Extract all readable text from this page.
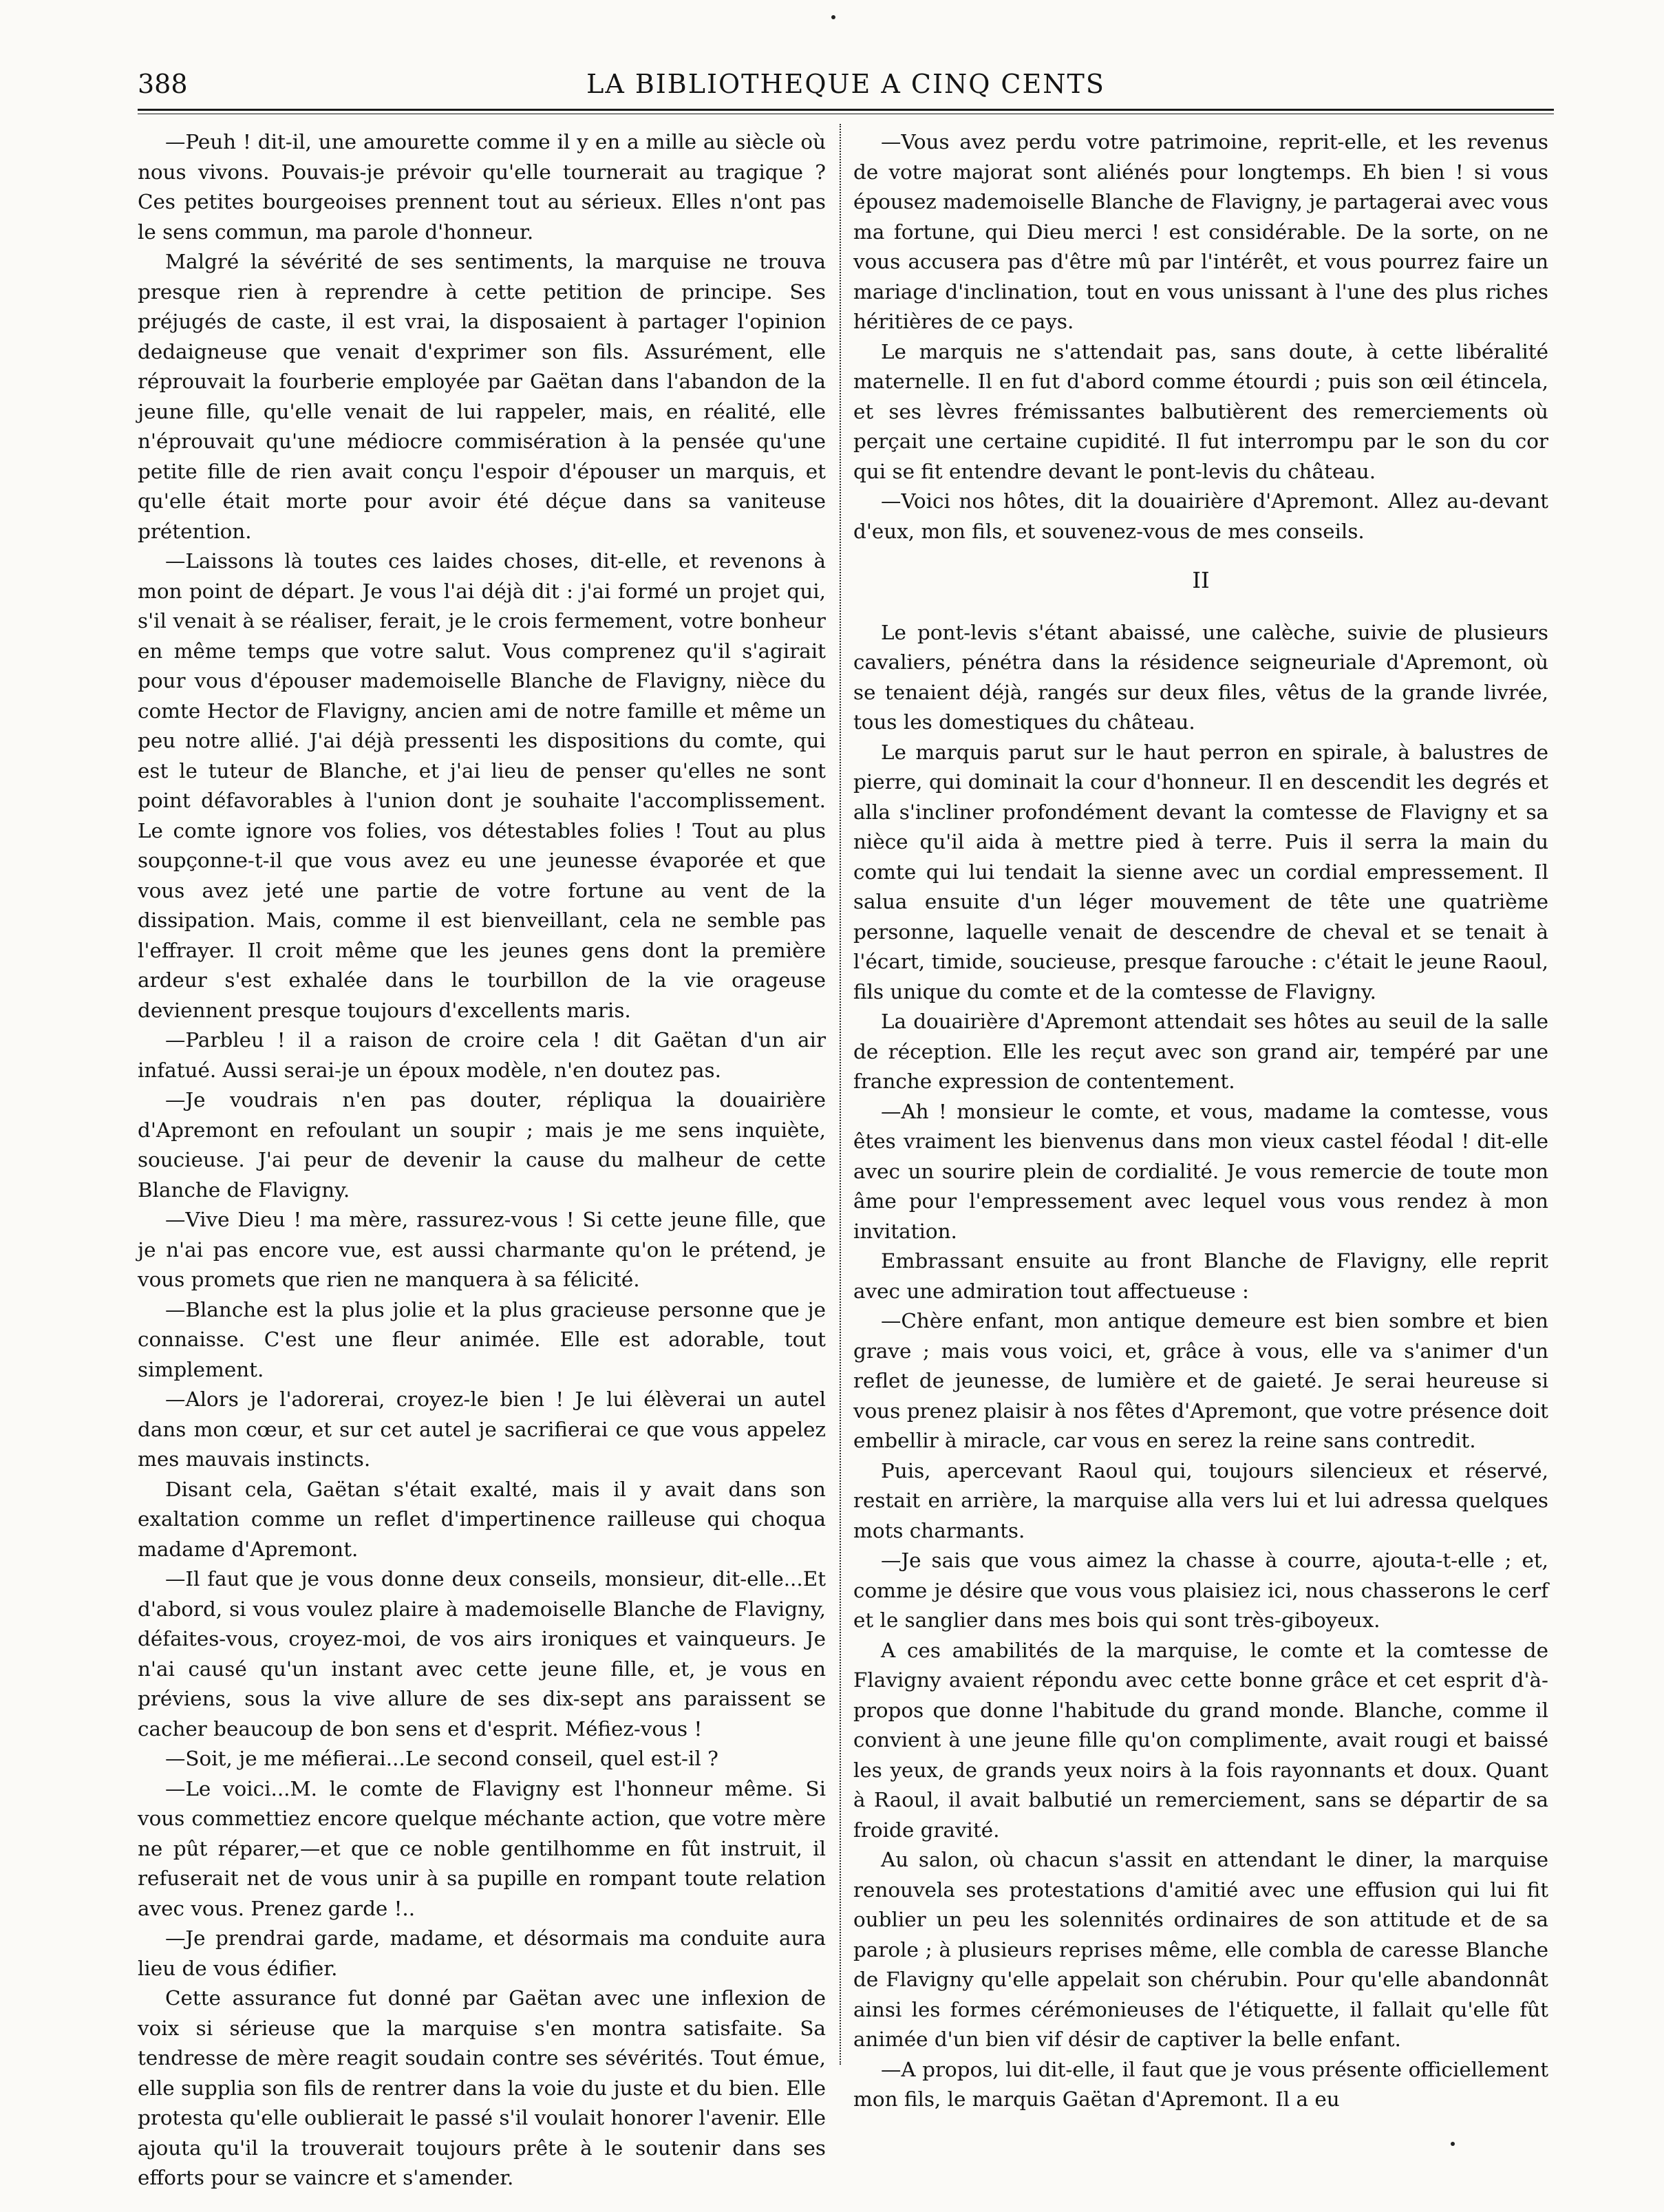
388	LA BIBLIOTHEQUE A CINQ CENTS

—Peuh ! dit-il, une amourette comme il y en a mille au siècle où nous vivons. Pouvais-je prévoir qu'elle tournerait au tragique ? Ces petites bourgeoises prennent tout au sérieux. Elles n'ont pas le sens commun, ma parole d'honneur.

Malgré la sévérité de ses sentiments, la marquise ne trouva presque rien à reprendre à cette petition de principe. Ses préjugés de caste, il est vrai, la disposaient à partager l'opinion dedaigneuse que venait d'exprimer son fils. Assurément, elle réprouvait la fourberie employée par Gaëtan dans l'abandon de la jeune fille, qu'elle venait de lui rappeler, mais, en réalité, elle n'éprouvait qu'une médiocre commisération à la pensée qu'une petite fille de rien avait conçu l'espoir d'épouser un marquis, et qu'elle était morte pour avoir été déçue dans sa vaniteuse prétention.

—Laissons là toutes ces laides choses, dit-elle, et revenons à mon point de départ. Je vous l'ai déjà dit : j'ai formé un projet qui, s'il venait à se réaliser, ferait, je le crois fermement, votre bonheur en même temps que votre salut. Vous comprenez qu'il s'agirait pour vous d'épouser mademoiselle Blanche de Flavigny, nièce du comte Hector de Flavigny, ancien ami de notre famille et même un peu notre allié. J'ai déjà pressenti les dispositions du comte, qui est le tuteur de Blanche, et j'ai lieu de penser qu'elles ne sont point défavorables à l'union dont je souhaite l'accomplissement. Le comte ignore vos folies, vos détestables folies ! Tout au plus soupçonne-t-il que vous avez eu une jeunesse évaporée et que vous avez jeté une partie de votre fortune au vent de la dissipation. Mais, comme il est bienveillant, cela ne semble pas l'effrayer. Il croit même que les jeunes gens dont la première ardeur s'est exhalée dans le tourbillon de la vie orageuse deviennent presque toujours d'excellents maris.

—Parbleu ! il a raison de croire cela ! dit Gaëtan d'un air infatué. Aussi serai-je un époux modèle, n'en doutez pas.

—Je voudrais n'en pas douter, répliqua la douairière d'Apremont en refoulant un soupir ; mais je me sens inquiète, soucieuse. J'ai peur de devenir la cause du malheur de cette Blanche de Flavigny.

—Vive Dieu ! ma mère, rassurez-vous ! Si cette jeune fille, que je n'ai pas encore vue, est aussi charmante qu'on le prétend, je vous promets que rien ne manquera à sa félicité.

—Blanche est la plus jolie et la plus gracieuse personne que je connaisse. C'est une fleur animée. Elle est adorable, tout simplement.

—Alors je l'adorerai, croyez-le bien ! Je lui élèverai un autel dans mon cœur, et sur cet autel je sacrifierai ce que vous appelez mes mauvais instincts.

Disant cela, Gaëtan s'était exalté, mais il y avait dans son exaltation comme un reflet d'impertinence railleuse qui choqua madame d'Apremont.

—Il faut que je vous donne deux conseils, monsieur, dit-elle...Et d'abord, si vous voulez plaire à mademoiselle Blanche de Flavigny, défaites-vous, croyez-moi, de vos airs ironiques et vainqueurs. Je n'ai causé qu'un instant avec cette jeune fille, et, je vous en préviens, sous la vive allure de ses dix-sept ans paraissent se cacher beaucoup de bon sens et d'esprit. Méfiez-vous !

—Soit, je me méfierai...Le second conseil, quel est-il ?

—Le voici...M. le comte de Flavigny est l'honneur même. Si vous commettiez encore quelque méchante action, que votre mère ne pût réparer,—et que ce noble gentilhomme en fût instruit, il refuserait net de vous unir à sa pupille en rompant toute relation avec vous. Prenez garde !..

—Je prendrai garde, madame, et désormais ma conduite aura lieu de vous édifier.

Cette assurance fut donné par Gaëtan avec une inflexion de voix si sérieuse que la marquise s'en montra satisfaite. Sa tendresse de mère reagit soudain contre ses sévérités. Tout émue, elle supplia son fils de rentrer dans la voie du juste et du bien. Elle protesta qu'elle oublierait le passé s'il voulait honorer l'avenir. Elle ajouta qu'il la trouverait toujours prête à le soutenir dans ses efforts pour se vaincre et s'amender.

—Vous avez perdu votre patrimoine, reprit-elle, et les revenus de votre majorat sont aliénés pour longtemps. Eh bien ! si vous épousez mademoiselle Blanche de Flavigny, je partagerai avec vous ma fortune, qui Dieu merci ! est considérable. De la sorte, on ne vous accusera pas d'être mû par l'intérêt, et vous pourrez faire un mariage d'inclination, tout en vous unissant à l'une des plus riches héritières de ce pays.

Le marquis ne s'attendait pas, sans doute, à cette libéralité maternelle. Il en fut d'abord comme étourdi ; puis son œil étincela, et ses lèvres frémissantes balbutièrent des remerciements où perçait une certaine cupidité. Il fut interrompu par le son du cor qui se fit entendre devant le pont-levis du château.

—Voici nos hôtes, dit la douairière d'Apremont. Allez au-devant d'eux, mon fils, et souvenez-vous de mes conseils.

II

Le pont-levis s'étant abaissé, une calèche, suivie de plusieurs cavaliers, pénétra dans la résidence seigneuriale d'Apremont, où se tenaient déjà, rangés sur deux files, vêtus de la grande livrée, tous les domestiques du château.

Le marquis parut sur le haut perron en spirale, à balustres de pierre, qui dominait la cour d'honneur. Il en descendit les degrés et alla s'incliner profondément devant la comtesse de Flavigny et sa nièce qu'il aida à mettre pied à terre. Puis il serra la main du comte qui lui tendait la sienne avec un cordial empressement. Il salua ensuite d'un léger mouvement de tête une quatrième personne, laquelle venait de descendre de cheval et se tenait à l'écart, timide, soucieuse, presque farouche : c'était le jeune Raoul, fils unique du comte et de la comtesse de Flavigny.

La douairière d'Apremont attendait ses hôtes au seuil de la salle de réception. Elle les reçut avec son grand air, tempéré par une franche expression de contentement.

—Ah ! monsieur le comte, et vous, madame la comtesse, vous êtes vraiment les bienvenus dans mon vieux castel féodal ! dit-elle avec un sourire plein de cordialité. Je vous remercie de toute mon âme pour l'empressement avec lequel vous vous rendez à mon invitation.

Embrassant ensuite au front Blanche de Flavigny, elle reprit avec une admiration tout affectueuse :

—Chère enfant, mon antique demeure est bien sombre et bien grave ; mais vous voici, et, grâce à vous, elle va s'animer d'un reflet de jeunesse, de lumière et de gaieté. Je serai heureuse si vous prenez plaisir à nos fêtes d'Apremont, que votre présence doit embellir à miracle, car vous en serez la reine sans contredit.

Puis, apercevant Raoul qui, toujours silencieux et réservé, restait en arrière, la marquise alla vers lui et lui adressa quelques mots charmants.

—Je sais que vous aimez la chasse à courre, ajouta-t-elle ; et, comme je désire que vous vous plaisiez ici, nous chasserons le cerf et le sanglier dans mes bois qui sont très-giboyeux.

A ces amabilités de la marquise, le comte et la comtesse de Flavigny avaient répondu avec cette bonne grâce et cet esprit d'à-propos que donne l'habitude du grand monde. Blanche, comme il convient à une jeune fille qu'on complimente, avait rougi et baissé les yeux, de grands yeux noirs à la fois rayonnants et doux. Quant à Raoul, il avait balbutié un remerciement, sans se départir de sa froide gravité.

Au salon, où chacun s'assit en attendant le diner, la marquise renouvela ses protestations d'amitié avec une effusion qui lui fit oublier un peu les solennités ordinaires de son attitude et de sa parole ; à plusieurs reprises même, elle combla de caresse Blanche de Flavigny qu'elle appelait son chérubin. Pour qu'elle abandonnât ainsi les formes cérémonieuses de l'étiquette, il fallait qu'elle fût animée d'un bien vif désir de captiver la belle enfant.

—A propos, lui dit-elle, il faut que je vous présente officiellement mon fils, le marquis Gaëtan d'Apremont. Il a eu
